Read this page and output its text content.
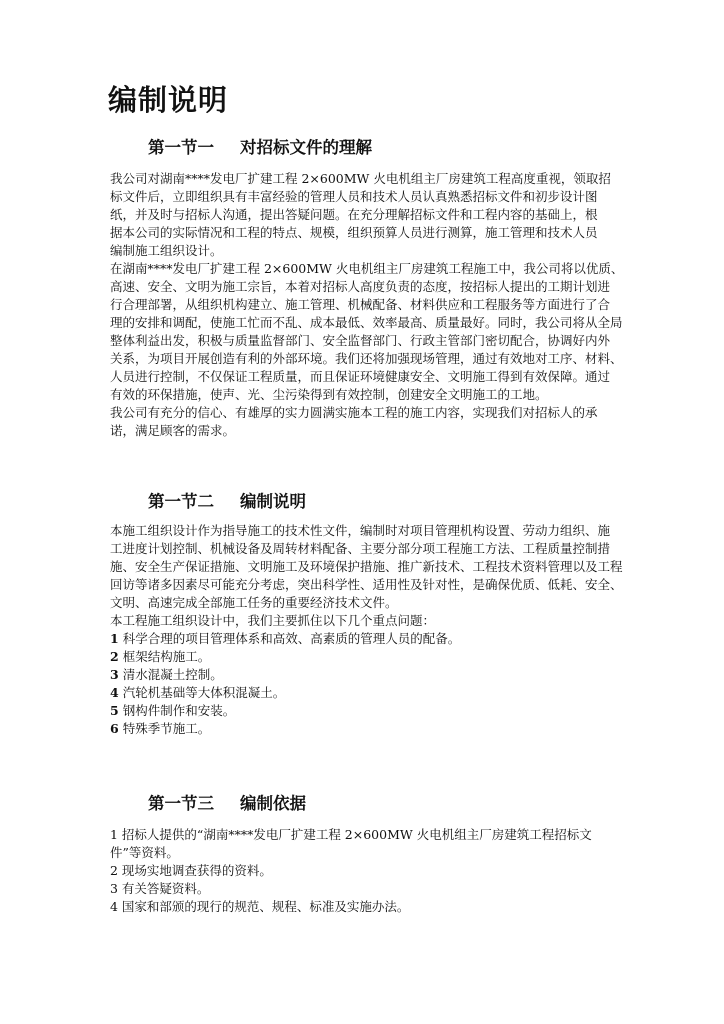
编制说明
第一节一 对招标文件的理解
我公司对湖南****发电厂扩建工程 2×600MW 火电机组主厂房建筑工程高度重视，领取招
标文件后，立即组织具有丰富经验的管理人员和技术人员认真熟悉招标文件和初步设计图
纸，并及时与招标人沟通，提出答疑问题。在充分理解招标文件和工程内容的基础上，根
据本公司的实际情况和工程的特点、规模，组织预算人员进行测算，施工管理和技术人员
编制施工组织设计。
在湖南****发电厂扩建工程 2×600MW 火电机组主厂房建筑工程施工中，我公司将以优质、
高速、安全、文明为施工宗旨，本着对招标人高度负责的态度，按招标人提出的工期计划进
行合理部署，从组织机构建立、施工管理、机械配备、材料供应和工程服务等方面进行了合
理的安排和调配，使施工忙而不乱、成本最低、效率最高、质量最好。同时，我公司将从全局
整体利益出发，积极与质量监督部门、安全监督部门、行政主管部门密切配合，协调好内外
关系，为项目开展创造有利的外部环境。我们还将加强现场管理，通过有效地对工序、材料、
人员进行控制，不仅保证工程质量，而且保证环境健康安全、文明施工得到有效保障。通过
有效的环保措施，使声、光、尘污染得到有效控制，创建安全文明施工的工地。
我公司有充分的信心、有雄厚的实力圆满实施本工程的施工内容，实现我们对招标人的承
诺，满足顾客的需求。
第一节二 编制说明
本施工组织设计作为指导施工的技术性文件，编制时对项目管理机构设置、劳动力组织、施
工进度计划控制、机械设备及周转材料配备、主要分部分项工程施工方法、工程质量控制措
施、安全生产保证措施、文明施工及环境保护措施、推广新技术、工程技术资料管理以及工程
回访等诸多因素尽可能充分考虑，突出科学性、适用性及针对性，是确保优质、低耗、安全、
文明、高速完成全部施工任务的重要经济技术文件。
本工程施工组织设计中，我们主要抓住以下几个重点问题：
1 科学合理的项目管理体系和高效、高素质的管理人员的配备。
2 框架结构施工。
3 清水混凝土控制。
4 汽轮机基础等大体积混凝土。
5 钢构件制作和安装。
6 特殊季节施工。
第一节三 编制依据
1 招标人提供的“湖南****发电厂扩建工程 2×600MW 火电机组主厂房建筑工程招标文
件”等资料。
2 现场实地调查获得的资料。
3 有关答疑资料。
4 国家和部颁的现行的规范、规程、标准及实施办法。
